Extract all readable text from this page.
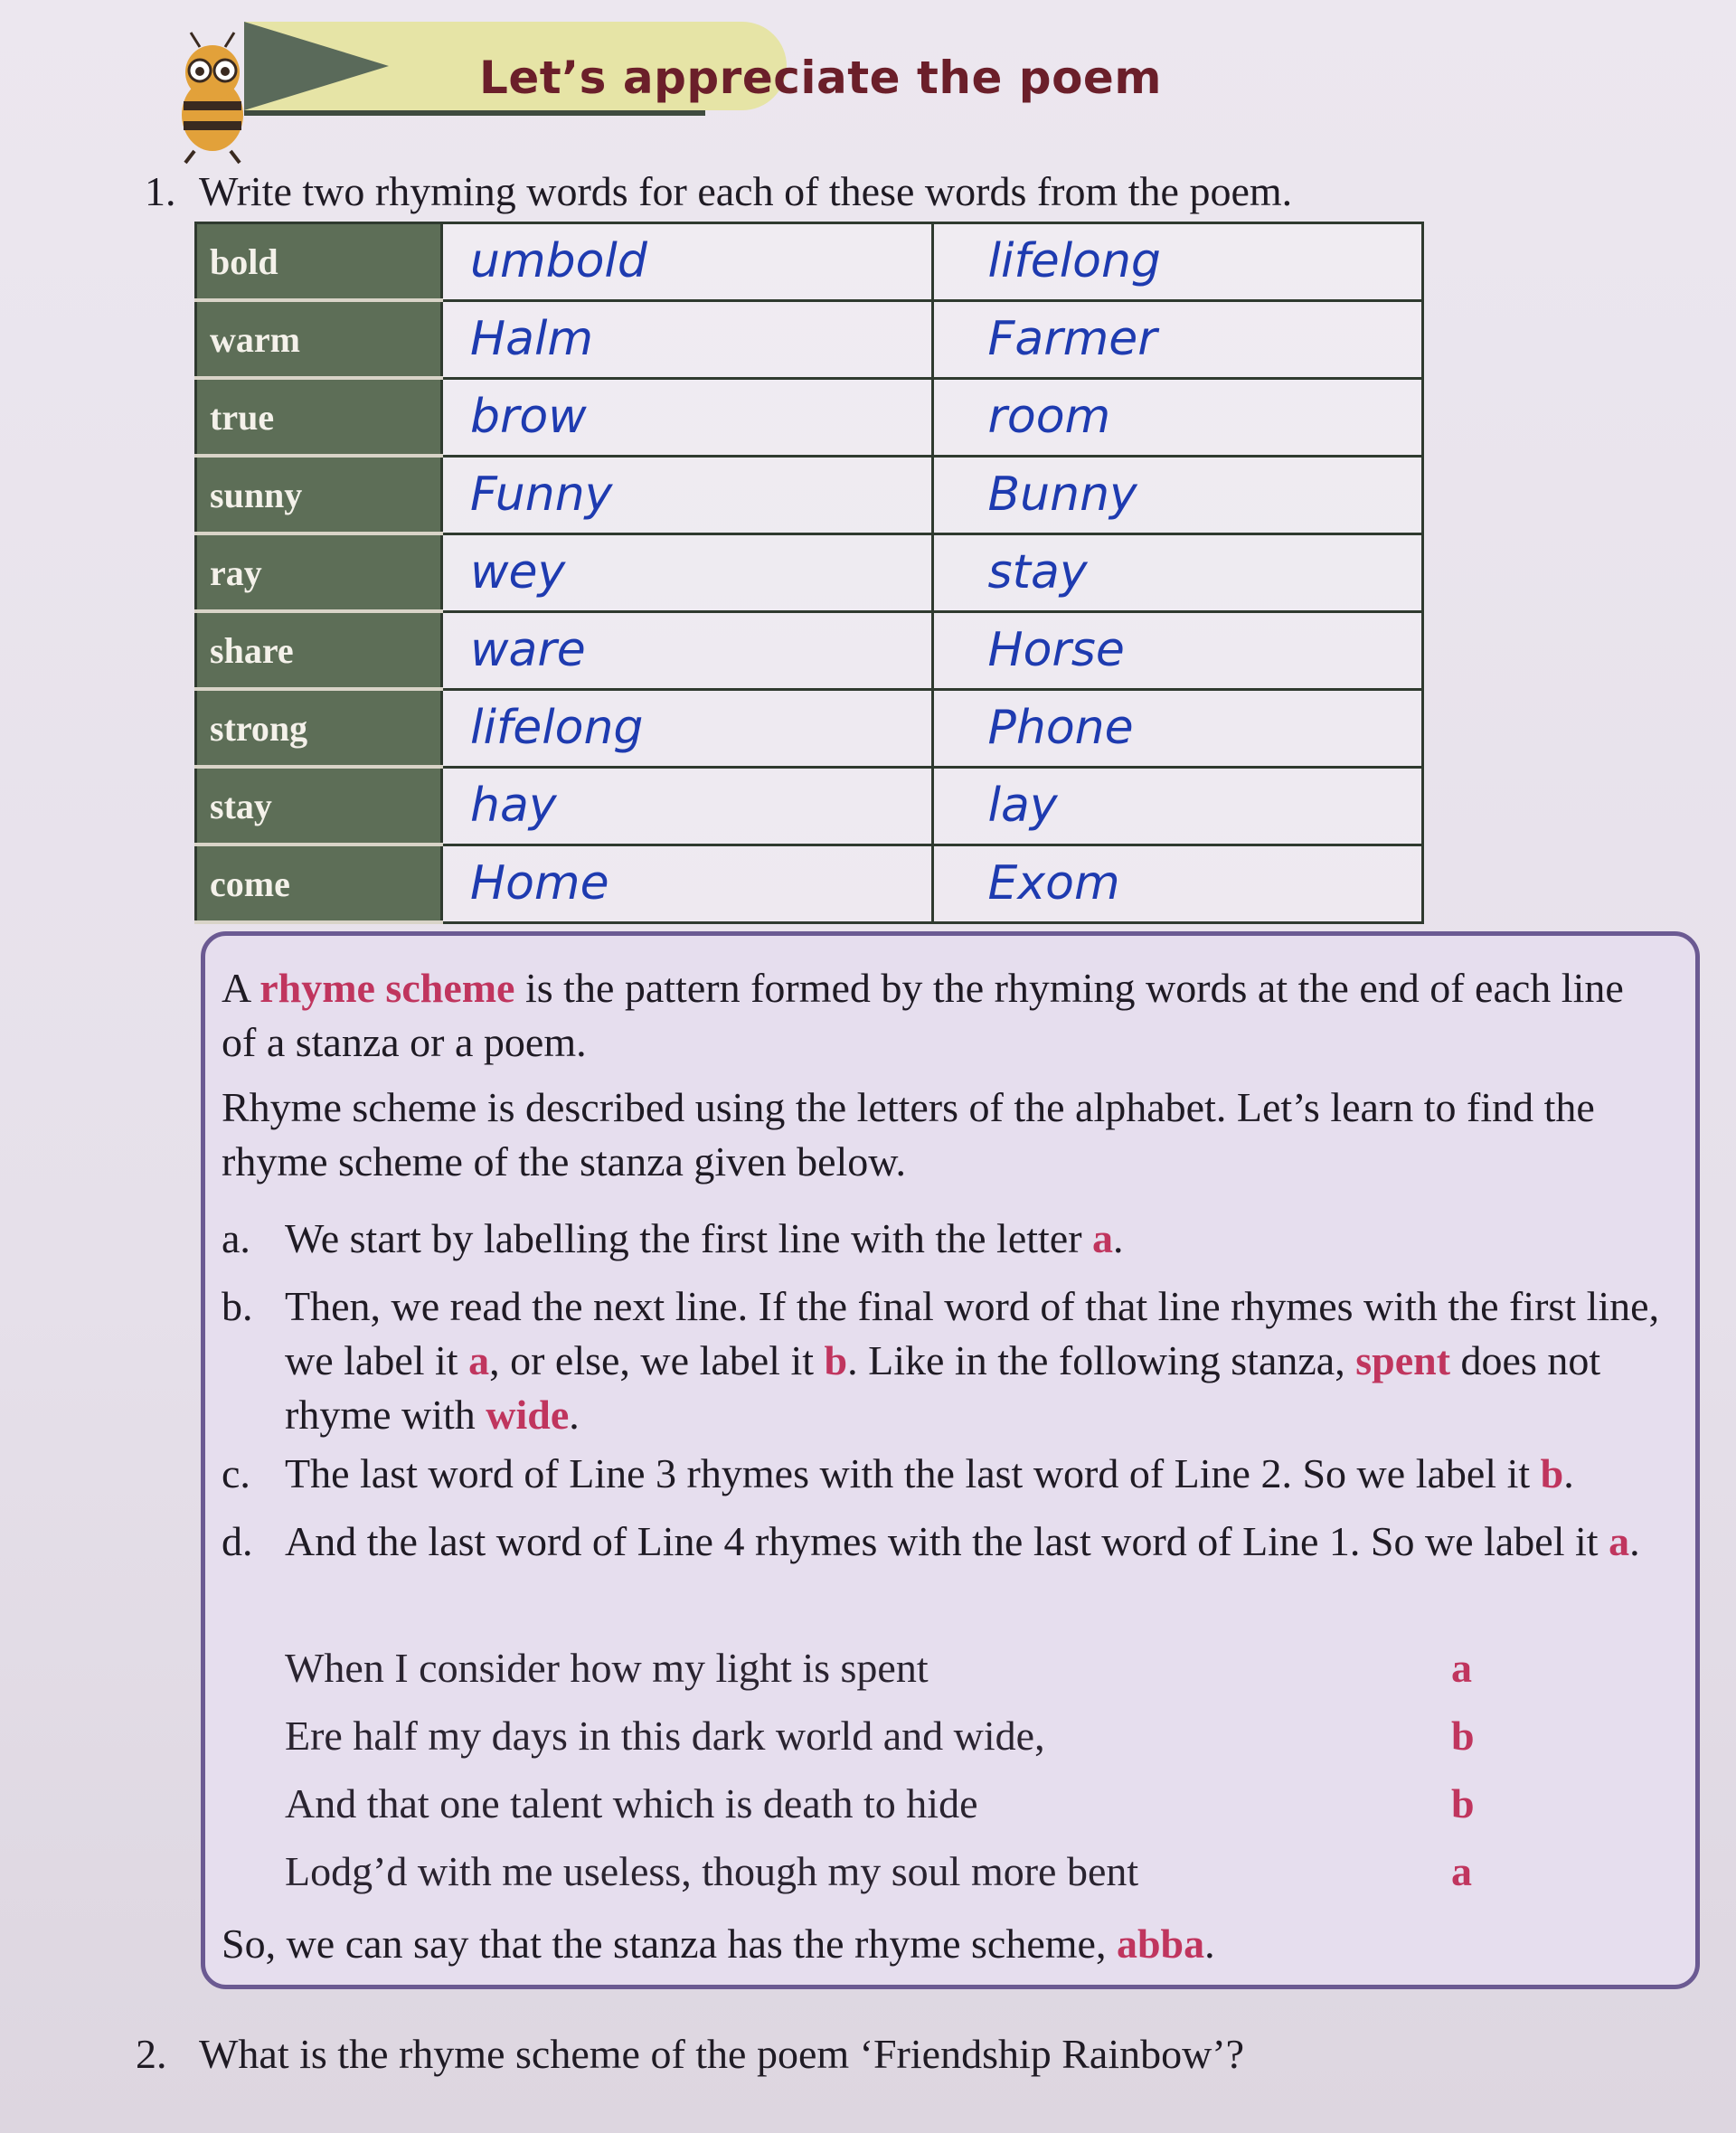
Let’s appreciate the poem
1. Write two rhyming words for each of these words from the poem.
bold	umbold	lifelong
warm	Halm	Farmer
true	brow	room
sunny	Funny	Bunny
ray	wey	stay
share	ware	Horse
strong	lifelong	Phone
stay	hay	lay
come	Home	Exom

A rhyme scheme is the pattern formed by the rhyming words at the end of each line of a stanza or a poem.

Rhyme scheme is described using the letters of the alphabet. Let’s learn to find the rhyme scheme of the stanza given below.

a. We start by labelling the first line with the letter a.
b. Then, we read the next line. If the final word of that line rhymes with the first line, we label it a, or else, we label it b. Like in the following stanza, spent does not rhyme with wide.
c. The last word of Line 3 rhymes with the last word of Line 2. So we label it b.
d. And the last word of Line 4 rhymes with the last word of Line 1. So we label it a.
When I consider how my light is spent	a
Ere half my days in this dark world and wide,	b
And that one talent which is death to hide	b
Lodg’d with me useless, though my soul more bent	a

So, we can say that the stanza has the rhyme scheme, abba.

2. What is the rhyme scheme of the poem ‘Friendship Rainbow’?
